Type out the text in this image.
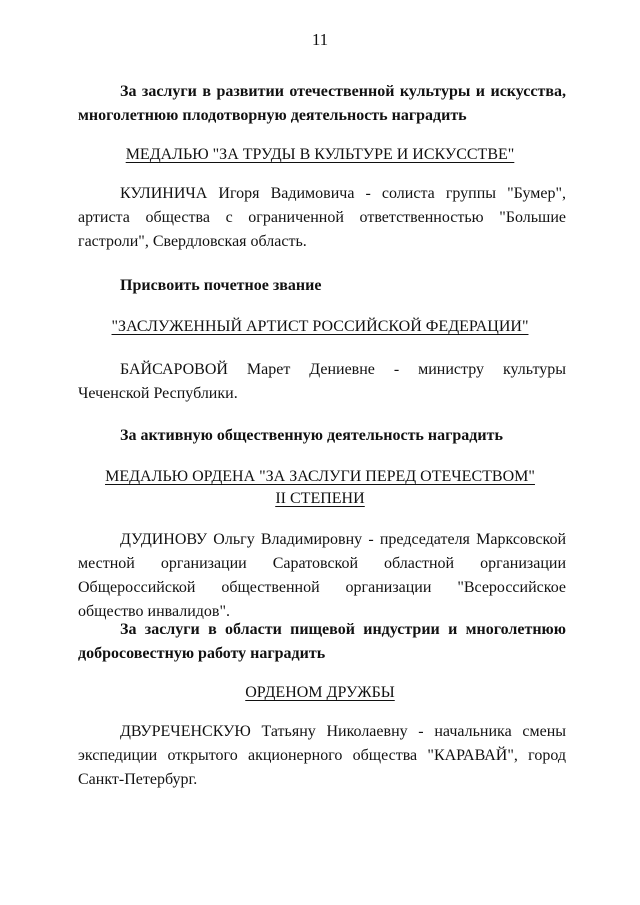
11
За заслуги в развитии отечественной культуры и искусства,
многолетнюю плодотворную деятельность наградить
МЕДАЛЬЮ "ЗА ТРУДЫ В КУЛЬТУРЕ И ИСКУССТВЕ"
КУЛИНИЧА Игоря Вадимовича - солиста группы "Бумер", артиста общества с ограниченной ответственностью "Большие гастроли", Свердловская область.
Присвоить почетное звание
"ЗАСЛУЖЕННЫЙ АРТИСТ РОССИЙСКОЙ ФЕДЕРАЦИИ"
БАЙСАРОВОЙ Марет Дениевне - министру культуры Чеченской Республики.
За активную общественную деятельность наградить
МЕДАЛЬЮ ОРДЕНА "ЗА ЗАСЛУГИ ПЕРЕД ОТЕЧЕСТВОМ"
II СТЕПЕНИ
ДУДИНОВУ Ольгу Владимировну - председателя Марксовской местной организации Саратовской областной организации Общероссийской общественной организации "Всероссийское общество инвалидов".
За заслуги в области пищевой индустрии и многолетнюю
добросовестную работу наградить
ОРДЕНОМ ДРУЖБЫ
ДВУРЕЧЕНСКУЮ Татьяну Николаевну - начальника смены экспедиции открытого акционерного общества "КАРАВАЙ", город Санкт-Петербург.
